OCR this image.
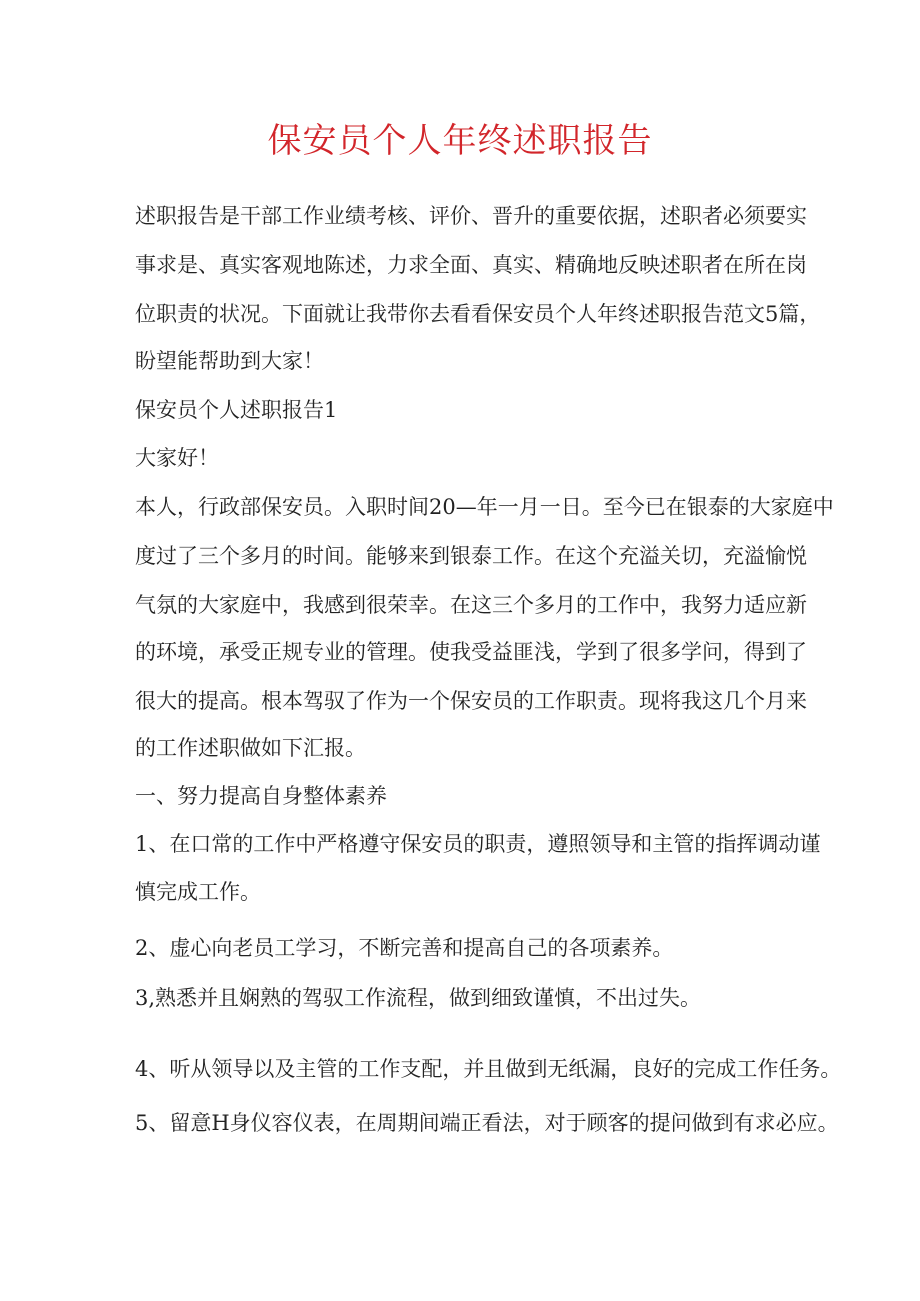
保安员个人年终述职报告
述职报告是干部工作业绩考核、评价、晋升的重要依据，述职者必须要实
事求是、真实客观地陈述，力求全面、真实、精确地反映述职者在所在岗
位职责的状况。下面就让我带你去看看保安员个人年终述职报告范文5篇，
盼望能帮助到大家！
保安员个人述职报告1
大家好！
本人，行政部保安员。入职时间20—年一月一日。至今已在银泰的大家庭中
度过了三个多月的时间。能够来到银泰工作。在这个充溢关切，充溢愉悦
气氛的大家庭中，我感到很荣幸。在这三个多月的工作中，我努力适应新
的环境，承受正规专业的管理。使我受益匪浅，学到了很多学问，得到了
很大的提高。根本驾驭了作为一个保安员的工作职责。现将我这几个月来
的工作述职做如下汇报。
一、努力提高自身整体素养
1、在口常的工作中严格遵守保安员的职责，遵照领导和主管的指挥调动谨
慎完成工作。
2、虚心向老员工学习，不断完善和提高自己的各项素养。
3,熟悉并且娴熟的驾驭工作流程，做到细致谨慎，不出过失。
4、听从领导以及主管的工作支配，并且做到无纸漏，良好的完成工作任务。
5、留意H身仪容仪表，在周期间端正看法，对于顾客的提问做到有求必应。
